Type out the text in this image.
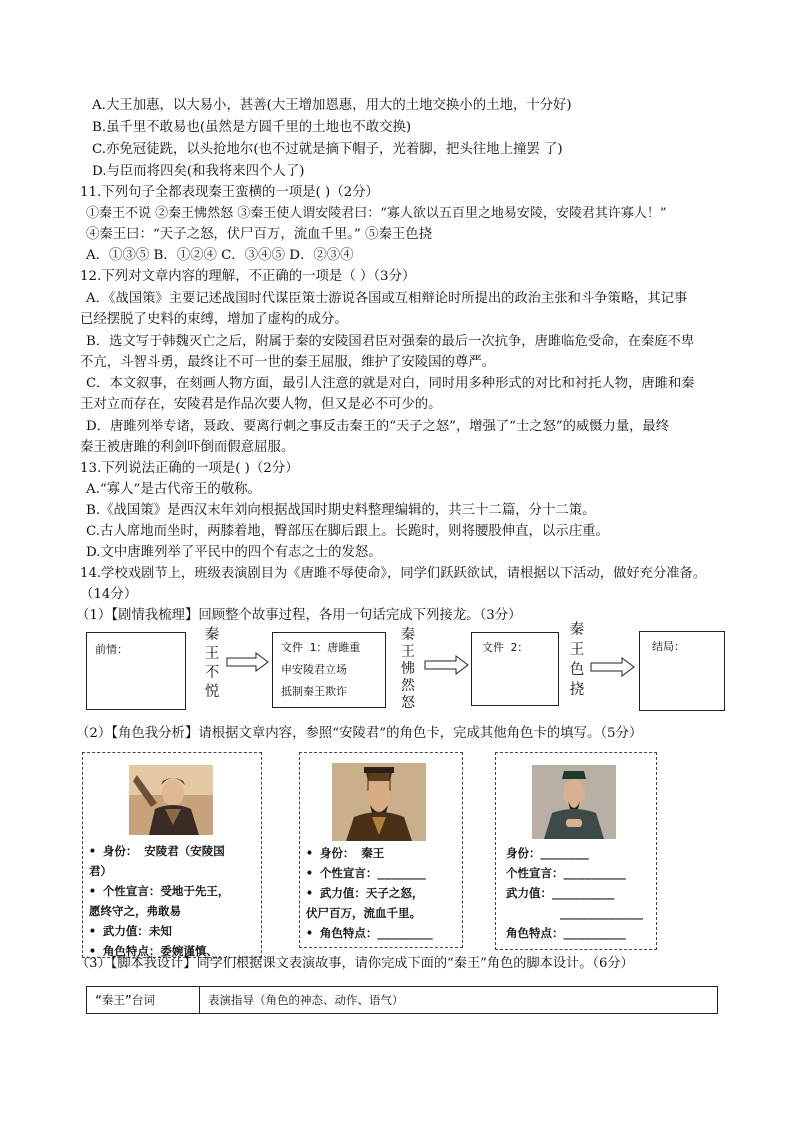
A.大王加惠，以大易小，甚善(大王增加恩惠，用大的土地交换小的土地，十分好)
B.虽千里不敢易也(虽然是方圆千里的土地也不敢交换)
C.亦免冠徒跣，以头抢地尔(也不过就是摘下帽子，光着脚，把头往地上撞罢 了)
D.与臣而将四矣(和我将来四个人了)
11.下列句子全都表现秦王蛮横的一项是( )（2分）
①秦王不说 ②秦王怫然怒 ③秦王使人谓安陵君曰：“寡人欲以五百里之地易安陵，安陵君其许寡人！”
④秦王曰：“天子之怒，伏尸百万，流血千里。” ⑤秦王色挠
A．①③⑤ B．①②④ C．③④⑤ D．②③④
12.下列对文章内容的理解，不正确的一项是（ ）（3分）
A．《战国策》主要记述战国时代谋臣策士游说各国或互相辩论时所提出的政治主张和斗争策略，其记事
已经摆脱了史料的束缚，增加了虚构的成分。
B．选文写于韩魏灭亡之后，附属于秦的安陵国君臣对强秦的最后一次抗争，唐雎临危受命，在秦庭不卑
不亢，斗智斗勇，最终让不可一世的秦王屈服，维护了安陵国的尊严。
C．本文叙事，在刻画人物方面，最引人注意的就是对白，同时用多种形式的对比和衬托人物，唐雎和秦
王对立而存在，安陵君是作品次要人物，但又是必不可少的。
D．唐雎列举专诸，聂政、要离行刺之事反击秦王的“天子之怒”，增强了“士之怒”的威慑力量，最终
秦王被唐雎的利剑吓倒而假意屈服。
13.下列说法正确的一项是( )（2分）
A.“寡人”是古代帝王的敬称。
B.《战国策》是西汉末年刘向根据战国时期史料整理编辑的，共三十二篇，分十二策。
C.古人席地而坐时，两膝着地，臀部压在脚后跟上。长跪时，则将腰股伸直，以示庄重。
D.文中唐雎列举了平民中的四个有志之士的发怒。
14.学校戏剧节上，班级表演剧目为《唐雎不辱使命》，同学们跃跃欲试，请根据以下活动，做好充分准备。
（14分）
（1）【剧情我梳理】回顾整个故事过程，各用一句话完成下列接龙。（3分）
前情：
秦王不悦
文件 1：唐雎重
申安陵君立场
抵制秦王欺诈
秦王怫然怒
文件 2：
秦王色挠
结局：
（2）【角色我分析】请根据文章内容，参照“安陵君”的角色卡，完成其他角色卡的填写。（5分）
• 身份： 安陵君（安陵国
君）
• 个性宣言：受地于先王，
愿终守之，弗敢易
• 武力值：未知
• 角色特点：委婉谨慎、
• 身份： 秦王
• 个性宣言：_______
• 武力值：天子之怒，
伏尸百万，流血千里。
• 角色特点：________
身份：_______
个性宣言：_________
武力值：_________
____________
角色特点：_________
（3）【脚本我设计】同学们根据课文表演故事，请你完成下面的“秦王”角色的脚本设计。（6分）
“秦王”台词	表演指导（角色的神态、动作、语气）
